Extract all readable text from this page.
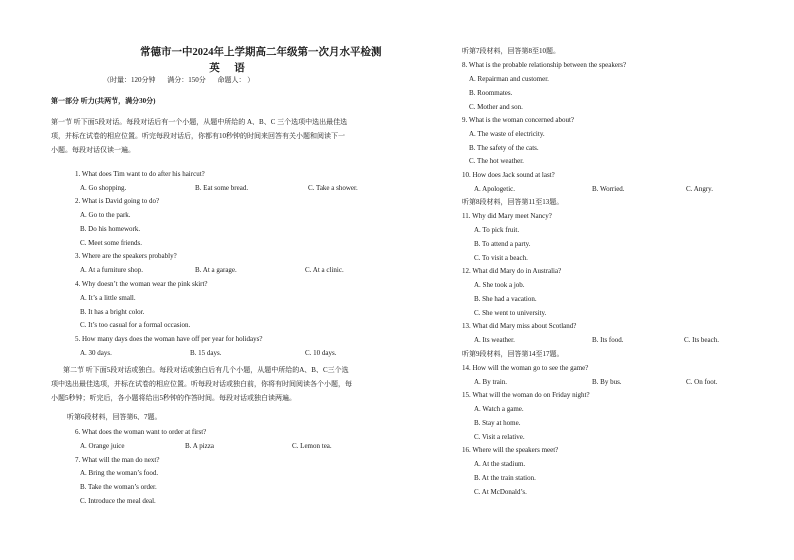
常德市一中2024年上学期高二年级第一次月水平检测
英 语
（时量：120分钟 满分：150分 命题人： ）
第一部分 听力(共两节，满分30分)
第一节 听下面5段对话。每段对话后有一个小题，从题中所给的 A、B、C 三个选项中选出最佳选
项，并标在试卷的相应位置。听完每段对话后，你都有10秒钟的时间来回答有关小题和阅读下一
小题。每段对话仅读一遍。
1. What does Tim want to do after his haircut?
A. Go shopping.	B. Eat some bread.	C. Take a shower.
2. What is David going to do?
A. Go to the park.
B. Do his homework.
C. Meet some friends.
3. Where are the speakers probably?
A. At a furniture shop.	B. At a garage.	C. At a clinic.
4. Why doesn’t the woman wear the pink skirt?
A. It’s a little small.
B. It has a bright color.
C. It’s too casual for a formal occasion.
5. How many days does the woman have off per year for holidays?
A. 30 days.	B. 15 days.	C. 10 days.
第二节 听下面5段对话或独白。每段对话或独白后有几个小题，从题中所给的A、B、C三个选
项中选出最佳选项，并标在试卷的相应位置。听每段对话或独白前，你将有时间阅读各个小题，每
小题5秒钟；听完后，各小题将给出5秒钟的作答时间。每段对话或独白读两遍。
听第6段材料，回答第6、7题。
6. What does the woman want to order at first?
A. Orange juice	B. A pizza	C. Lemon tea.
7. What will the man do next?
A. Bring the woman’s food.
B. Take the woman’s order.
C. Introduce the meal deal.
听第7段材料，回答第8至10题。
8. What is the probable relationship between the speakers?
A. Repairman and customer.
B. Roommates.
C. Mother and son.
9. What is the woman concerned about?
A. The waste of electricity.
B. The safety of the cats.
C. The hot weather.
10. How does Jack sound at last?
A. Apologetic.	B. Worried.	C. Angry.
听第8段材料，回答第11至13题。
11. Why did Mary meet Nancy?
A. To pick fruit.
B. To attend a party.
C. To visit a beach.
12. What did Mary do in Australia?
A. She took a job.
B. She had a vacation.
C. She went to university.
13. What did Mary miss about Scotland?
A. Its weather.	B. Its food.	C. Its beach.
听第9段材料，回答第14至17题。
14. How will the woman go to see the game?
A. By train.	B. By bus.	C. On foot.
15. What will the woman do on Friday night?
A. Watch a game.
B. Stay at home.
C. Visit a relative.
16. Where will the speakers meet?
A. At the stadium.
B. At the train station.
C. At McDonald’s.
